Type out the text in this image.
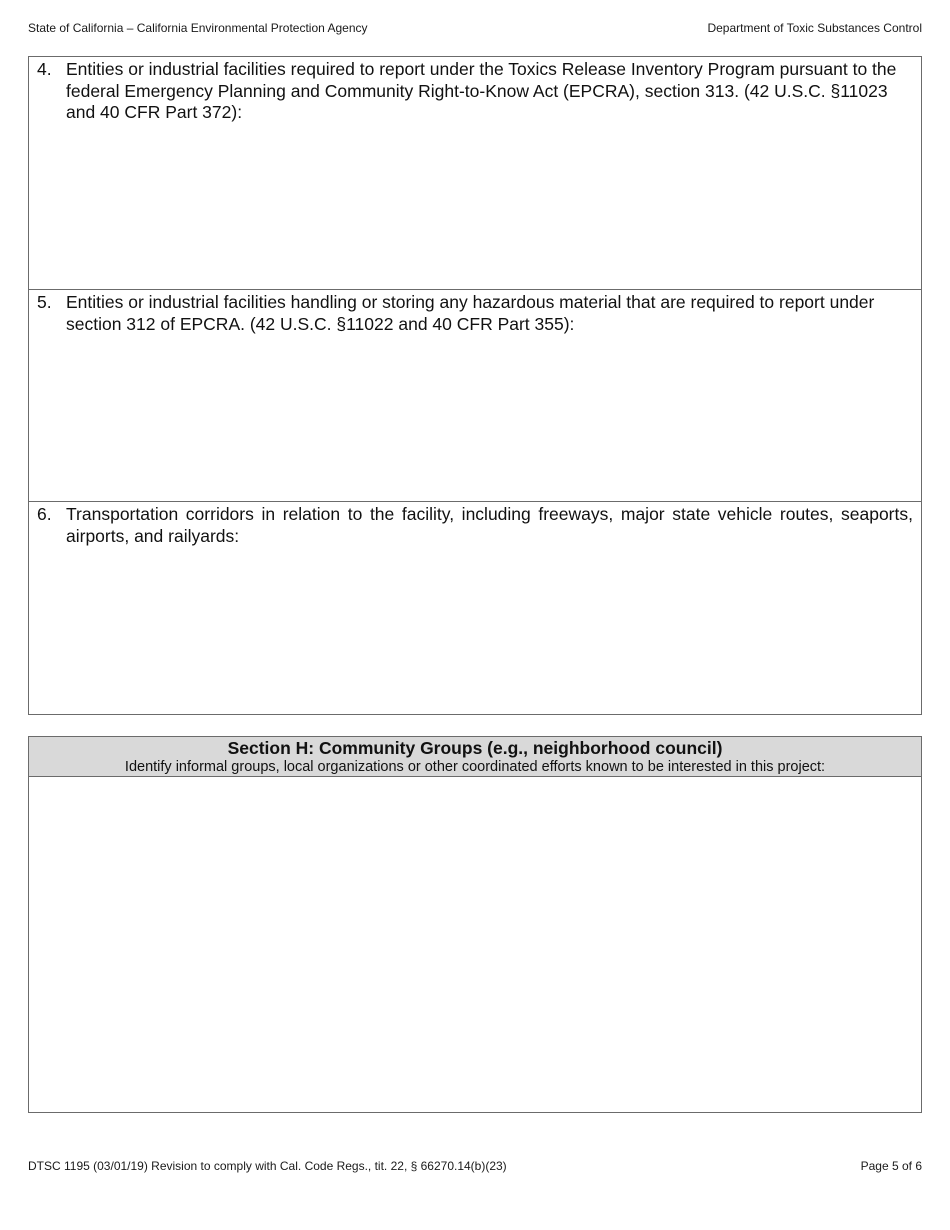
State of California – California Environmental Protection Agency	Department of Toxic Substances Control
4. Entities or industrial facilities required to report under the Toxics Release Inventory Program pursuant to the federal Emergency Planning and Community Right-to-Know Act (EPCRA), section 313. (42 U.S.C. §11023 and 40 CFR Part 372):
5. Entities or industrial facilities handling or storing any hazardous material that are required to report under section 312 of EPCRA. (42 U.S.C. §11022 and 40 CFR Part 355):
6. Transportation corridors in relation to the facility, including freeways, major state vehicle routes, seaports, airports, and railyards:
Section H: Community Groups (e.g., neighborhood council)
Identify informal groups, local organizations or other coordinated efforts known to be interested in this project:
DTSC 1195 (03/01/19) Revision to comply with Cal. Code Regs., tit. 22, § 66270.14(b)(23)	Page 5 of 6
